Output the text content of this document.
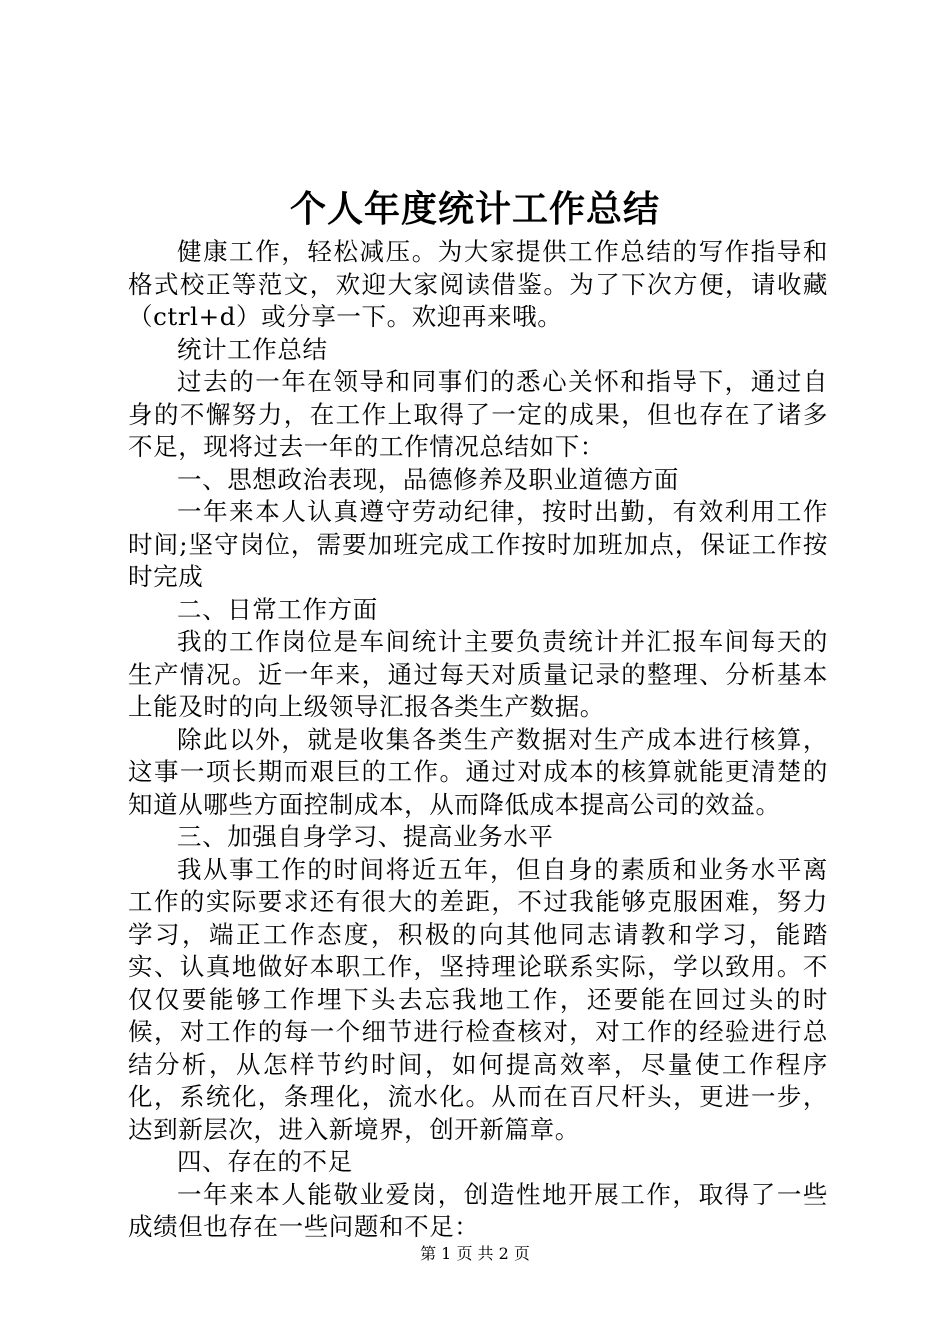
个人年度统计工作总结

健康工作，轻松减压。为大家提供工作总结的写作指导和格式校正等范文，欢迎大家阅读借鉴。为了下次方便，请收藏（ctrl+d）或分享一下。欢迎再来哦。

统计工作总结

过去的一年在领导和同事们的悉心关怀和指导下，通过自身的不懈努力，在工作上取得了一定的成果，但也存在了诸多不足，现将过去一年的工作情况总结如下：

一、思想政治表现，品德修养及职业道德方面

一年来本人认真遵守劳动纪律，按时出勤，有效利用工作时间;坚守岗位，需要加班完成工作按时加班加点，保证工作按时完成

二、日常工作方面

我的工作岗位是车间统计主要负责统计并汇报车间每天的生产情况。近一年来，通过每天对质量记录的整理、分析基本上能及时的向上级领导汇报各类生产数据。

除此以外，就是收集各类生产数据对生产成本进行核算，这事一项长期而艰巨的工作。通过对成本的核算就能更清楚的知道从哪些方面控制成本，从而降低成本提高公司的效益。

三、加强自身学习、提高业务水平

我从事工作的时间将近五年，但自身的素质和业务水平离工作的实际要求还有很大的差距，不过我能够克服困难，努力学习，端正工作态度，积极的向其他同志请教和学习，能踏实、认真地做好本职工作，坚持理论联系实际，学以致用。不仅仅要能够工作埋下头去忘我地工作，还要能在回过头的时候，对工作的每一个细节进行检查核对，对工作的经验进行总结分析，从怎样节约时间，如何提高效率，尽量使工作程序化，系统化，条理化，流水化。从而在百尺杆头，更进一步，达到新层次，进入新境界，创开新篇章。

四、存在的不足

一年来本人能敬业爱岗，创造性地开展工作，取得了一些成绩但也存在一些问题和不足：

第 1 页 共 2 页
